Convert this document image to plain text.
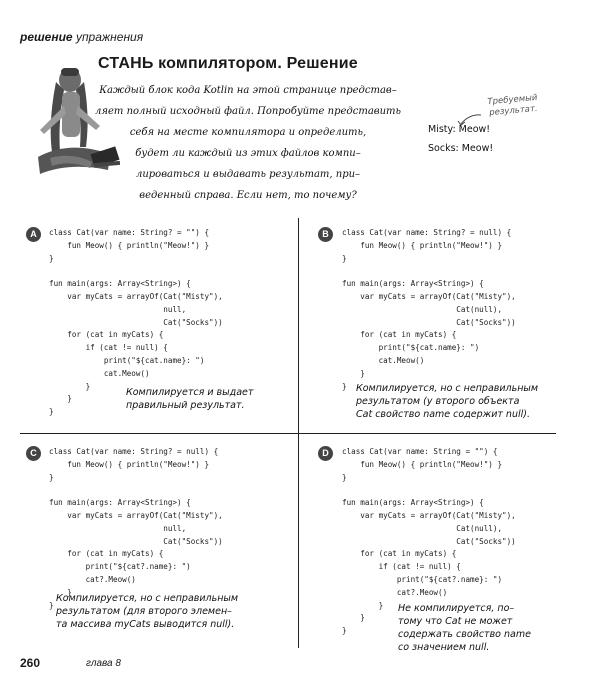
решение упражнения
СТАНЬ компилятором. Решение
Каждый блок кода Kotlin на этой странице представ–
ляет полный исходный файл. Попробуйте представить
себя на месте компилятора и определить,
будет ли каждый из этих файлов компи–
лироваться и выдавать результат, при–
веденный справа. Если нет, то почему?
Требуемый
результат.
Misty: Meow!
Socks: Meow!
A	class Cat(var name: String? = "") {
fun Meow() { println("Meow!") }
}

fun main(args: Array<String>) {
var myCats = arrayOf(Cat("Misty"),
null,
Cat("Socks"))
for (cat in myCats) {
if (cat != null) {
print("${cat.name}: ")
cat.Meow()
}
}
}

Компилируется и выдает
правильный результат.
B	class Cat(var name: String? = null) {
fun Meow() { println("Meow!") }
}

fun main(args: Array<String>) {
var myCats = arrayOf(Cat("Misty"),
Cat(null),
Cat("Socks"))
for (cat in myCats) {
print("${cat.name}: ")
cat.Meow()
}
} Компилируется, но с неправильным
результатом (у второго объекта
Cat свойство name содержит null).
C	class Cat(var name: String? = null) {
fun Meow() { println("Meow!") }
}

fun main(args: Array<String>) {
var myCats = arrayOf(Cat("Misty"),
null,
Cat("Socks"))
for (cat in myCats) {
print("${cat?.name}: ")
cat?.Meow()
}
}

Компилируется, но с неправильным
результатом (для второго элемен–
та массива myCats выводится null).
D	class Cat(var name: String = "") {
fun Meow() { println("Meow!") }
}

fun main(args: Array<String>) {
var myCats = arrayOf(Cat("Misty"),
Cat(null),
Cat("Socks"))
for (cat in myCats) {
if (cat != null) {
print("${cat?.name}: ")
cat?.Meow()
}
}
}

Не компилируется, по–
тому что Cat не может
содержать свойство name
со значением null.
260	глава 8
